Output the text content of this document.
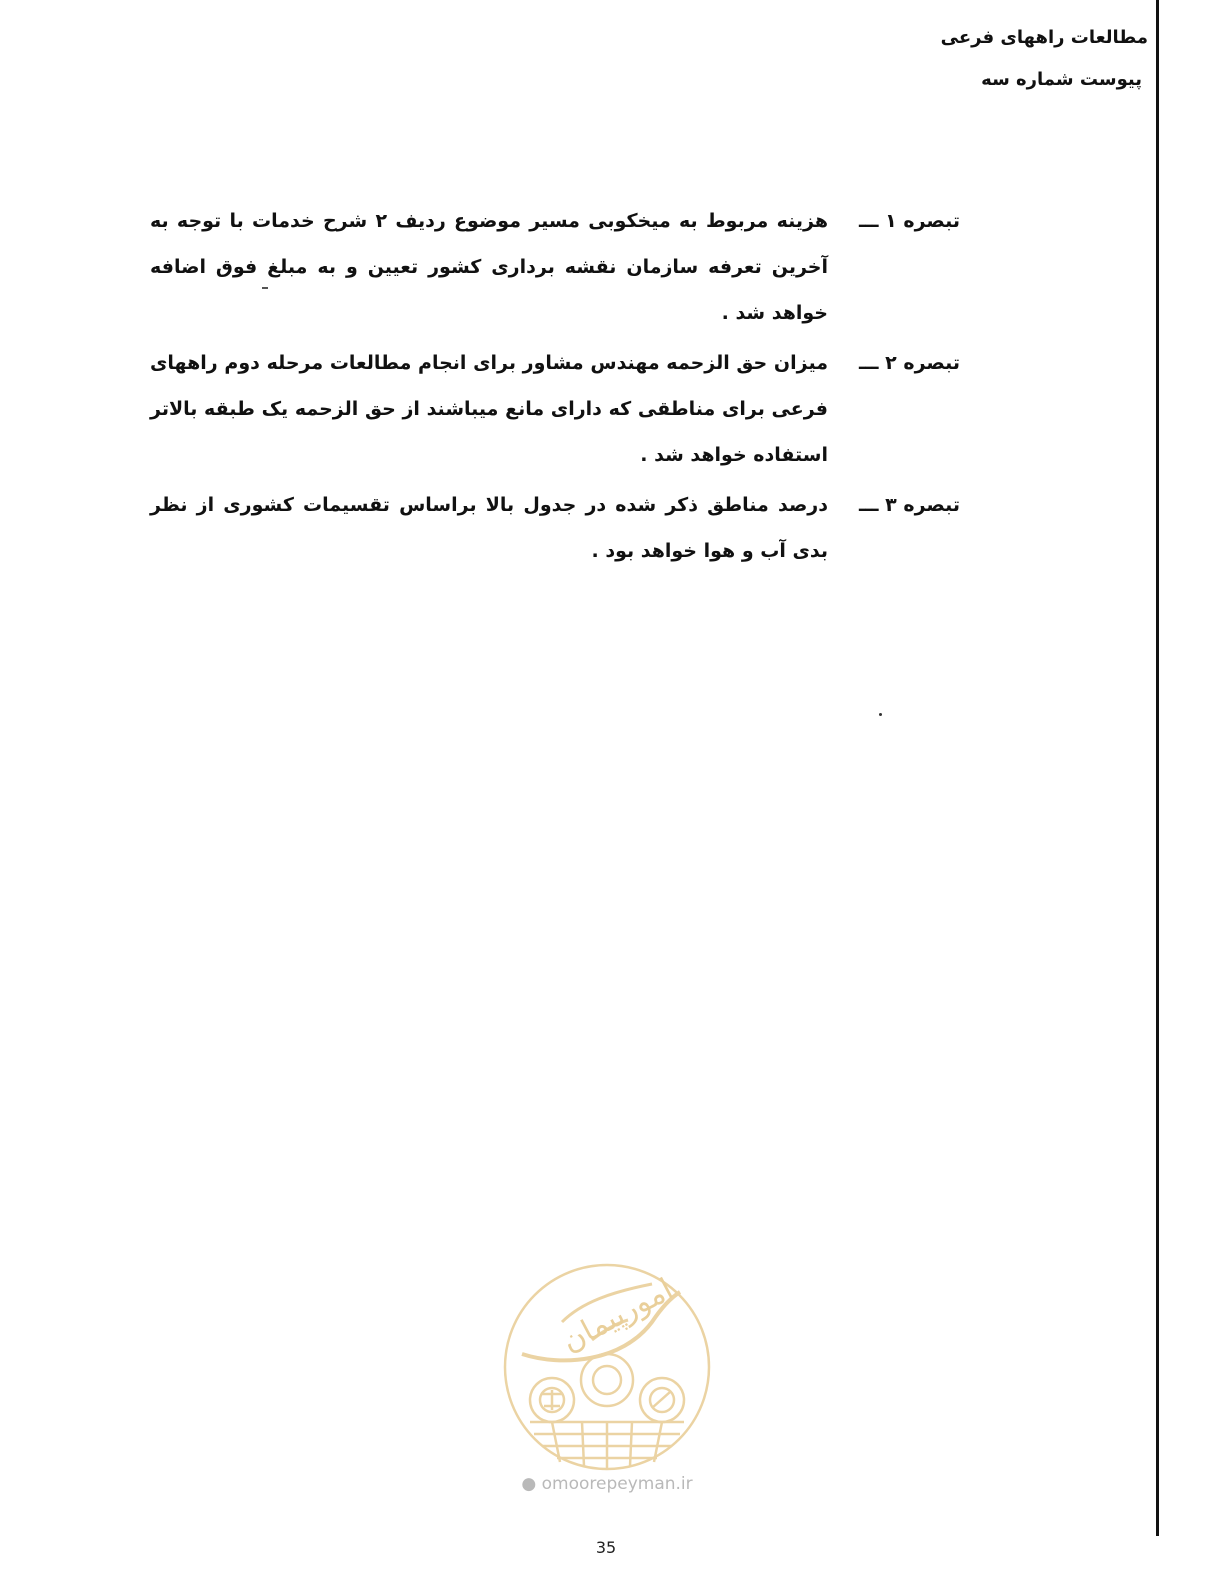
مطالعات راههای فرعی
پیوست شماره سه
تبصره ۱ ـــ
هزینه مربوط به میخکوبی مسیر موضوع ردیف ۲ شرح خدمات با توجه به آخرین تعرفه سازمان نقشه برداری کشور تعیین و به مبلغ فوق اضافه خواهد شد .
تبصره ۲ ـــ
میزان حق الزحمه مهندس مشاور برای انجام مطالعات مرحله دوم راههای فرعی برای مناطقی که دارای مانع میباشند از حق الزحمه یک طبقه بالاتر استفاده خواهد شد .
تبصره ۳ ـــ
درصد مناطق ذکر شده در جدول بالا براساس تقسیمات کشوری از نظر بدی آب و هوا خواهد بود .
امورپیمان
● omoorepeyman.ir
35
